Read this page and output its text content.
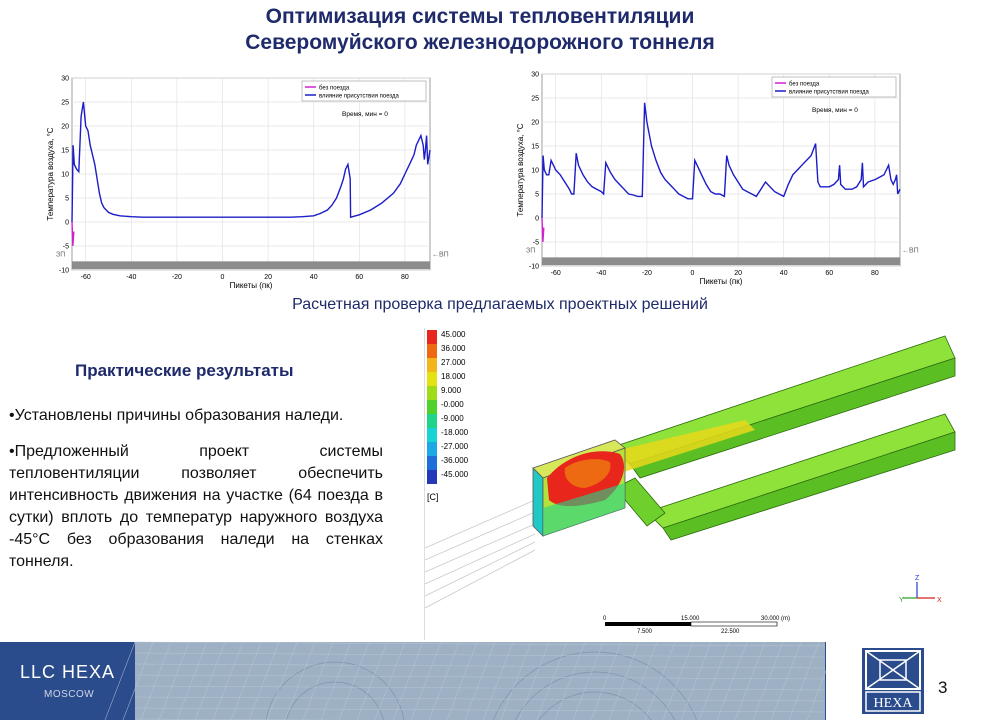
Оптимизация системы тепловентиляции
Северомуйского железнодорожного тоннеля
-60	-40	-20	0	20	40	60	80
-10
-5
0
5
10
15
20
25
30
ЗП	←ВП
Пикеты (пк)
Температура воздуха, °С
без поезда
влияние присутствия поезда
Время, мин = 0
-60	-40	-20	0	20	40	60	80
-10
-5
0
5
10
15
20
25
30
ЗП	←ВП
Пикеты (пк)
Температура воздуха, °С
без поезда
влияние присутствия поезда
Время, мин = 0
Расчетная проверка предлагаемых проектных решений
Практические результаты

•Установлены причины образования наледи.

•Предложенный проект системы тепловентиляции позволяет обеспечить интенсивность движения на участке (64 поезда в сутки) вплоть до температур наружного воздуха -45°С без образования наледи на стенках тоннеля.

45.000
36.000
27.000
18.000
9.000
-0.000
-9.000
-18.000
-27.000
-36.000
-45.000
[C]
Z
Y	X
0	15.000	30.000 (m)
7.500	22.500
LLC HEXA
MOSCOW
HEXA
3
